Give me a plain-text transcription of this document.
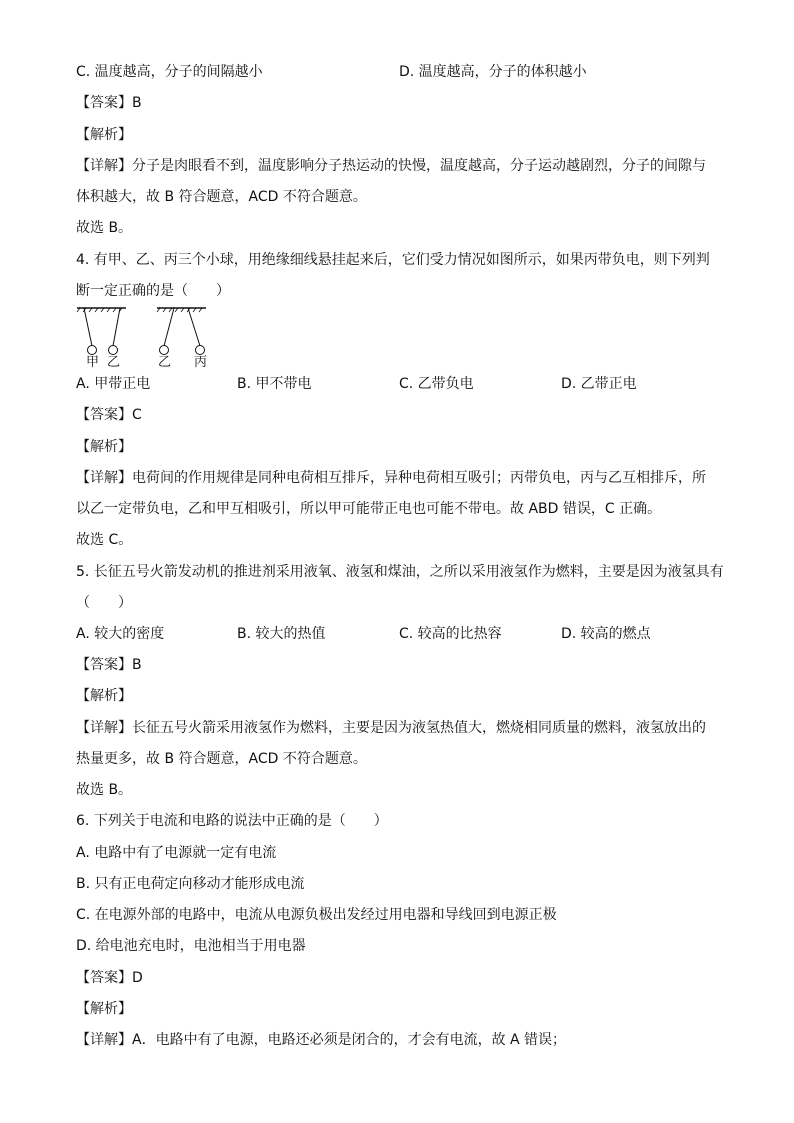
C. 温度越高，分子的间隔越小	D. 温度越高，分子的体积越小
【答案】B
【解析】
【详解】分子是肉眼看不到，温度影响分子热运动的快慢，温度越高，分子运动越剧烈，分子的间隙与
体积越大，故 B 符合题意，ACD 不符合题意。
故选 B。
4. 有甲、乙、丙三个小球，用绝缘细线悬挂起来后，它们受力情况如图所示，如果丙带负电，则下列判
断一定正确的是（　　）
甲 乙	乙 丙
A. 甲带正电	B. 甲不带电	C. 乙带负电	D. 乙带正电
【答案】C
【解析】
【详解】电荷间的作用规律是同种电荷相互排斥，异种电荷相互吸引；丙带负电，丙与乙互相排斥，所
以乙一定带负电，乙和甲互相吸引，所以甲可能带正电也可能不带电。故 ABD 错误，C 正确。
故选 C。
5. 长征五号火箭发动机的推进剂采用液氧、液氢和煤油，之所以采用液氢作为燃料，主要是因为液氢具有
（　　）
A. 较大的密度	B. 较大的热值	C. 较高的比热容	D. 较高的燃点
【答案】B
【解析】
【详解】长征五号火箭采用液氢作为燃料，主要是因为液氢热值大，燃烧相同质量的燃料，液氢放出的
热量更多，故 B 符合题意，ACD 不符合题意。
故选 B。
6. 下列关于电流和电路的说法中正确的是（　　）
A. 电路中有了电源就一定有电流
B. 只有正电荷定向移动才能形成电流
C. 在电源外部的电路中，电流从电源负极出发经过用电器和导线回到电源正极
D. 给电池充电时，电池相当于用电器
【答案】D
【解析】
【详解】A．电路中有了电源，电路还必须是闭合的，才会有电流，故 A 错误；
